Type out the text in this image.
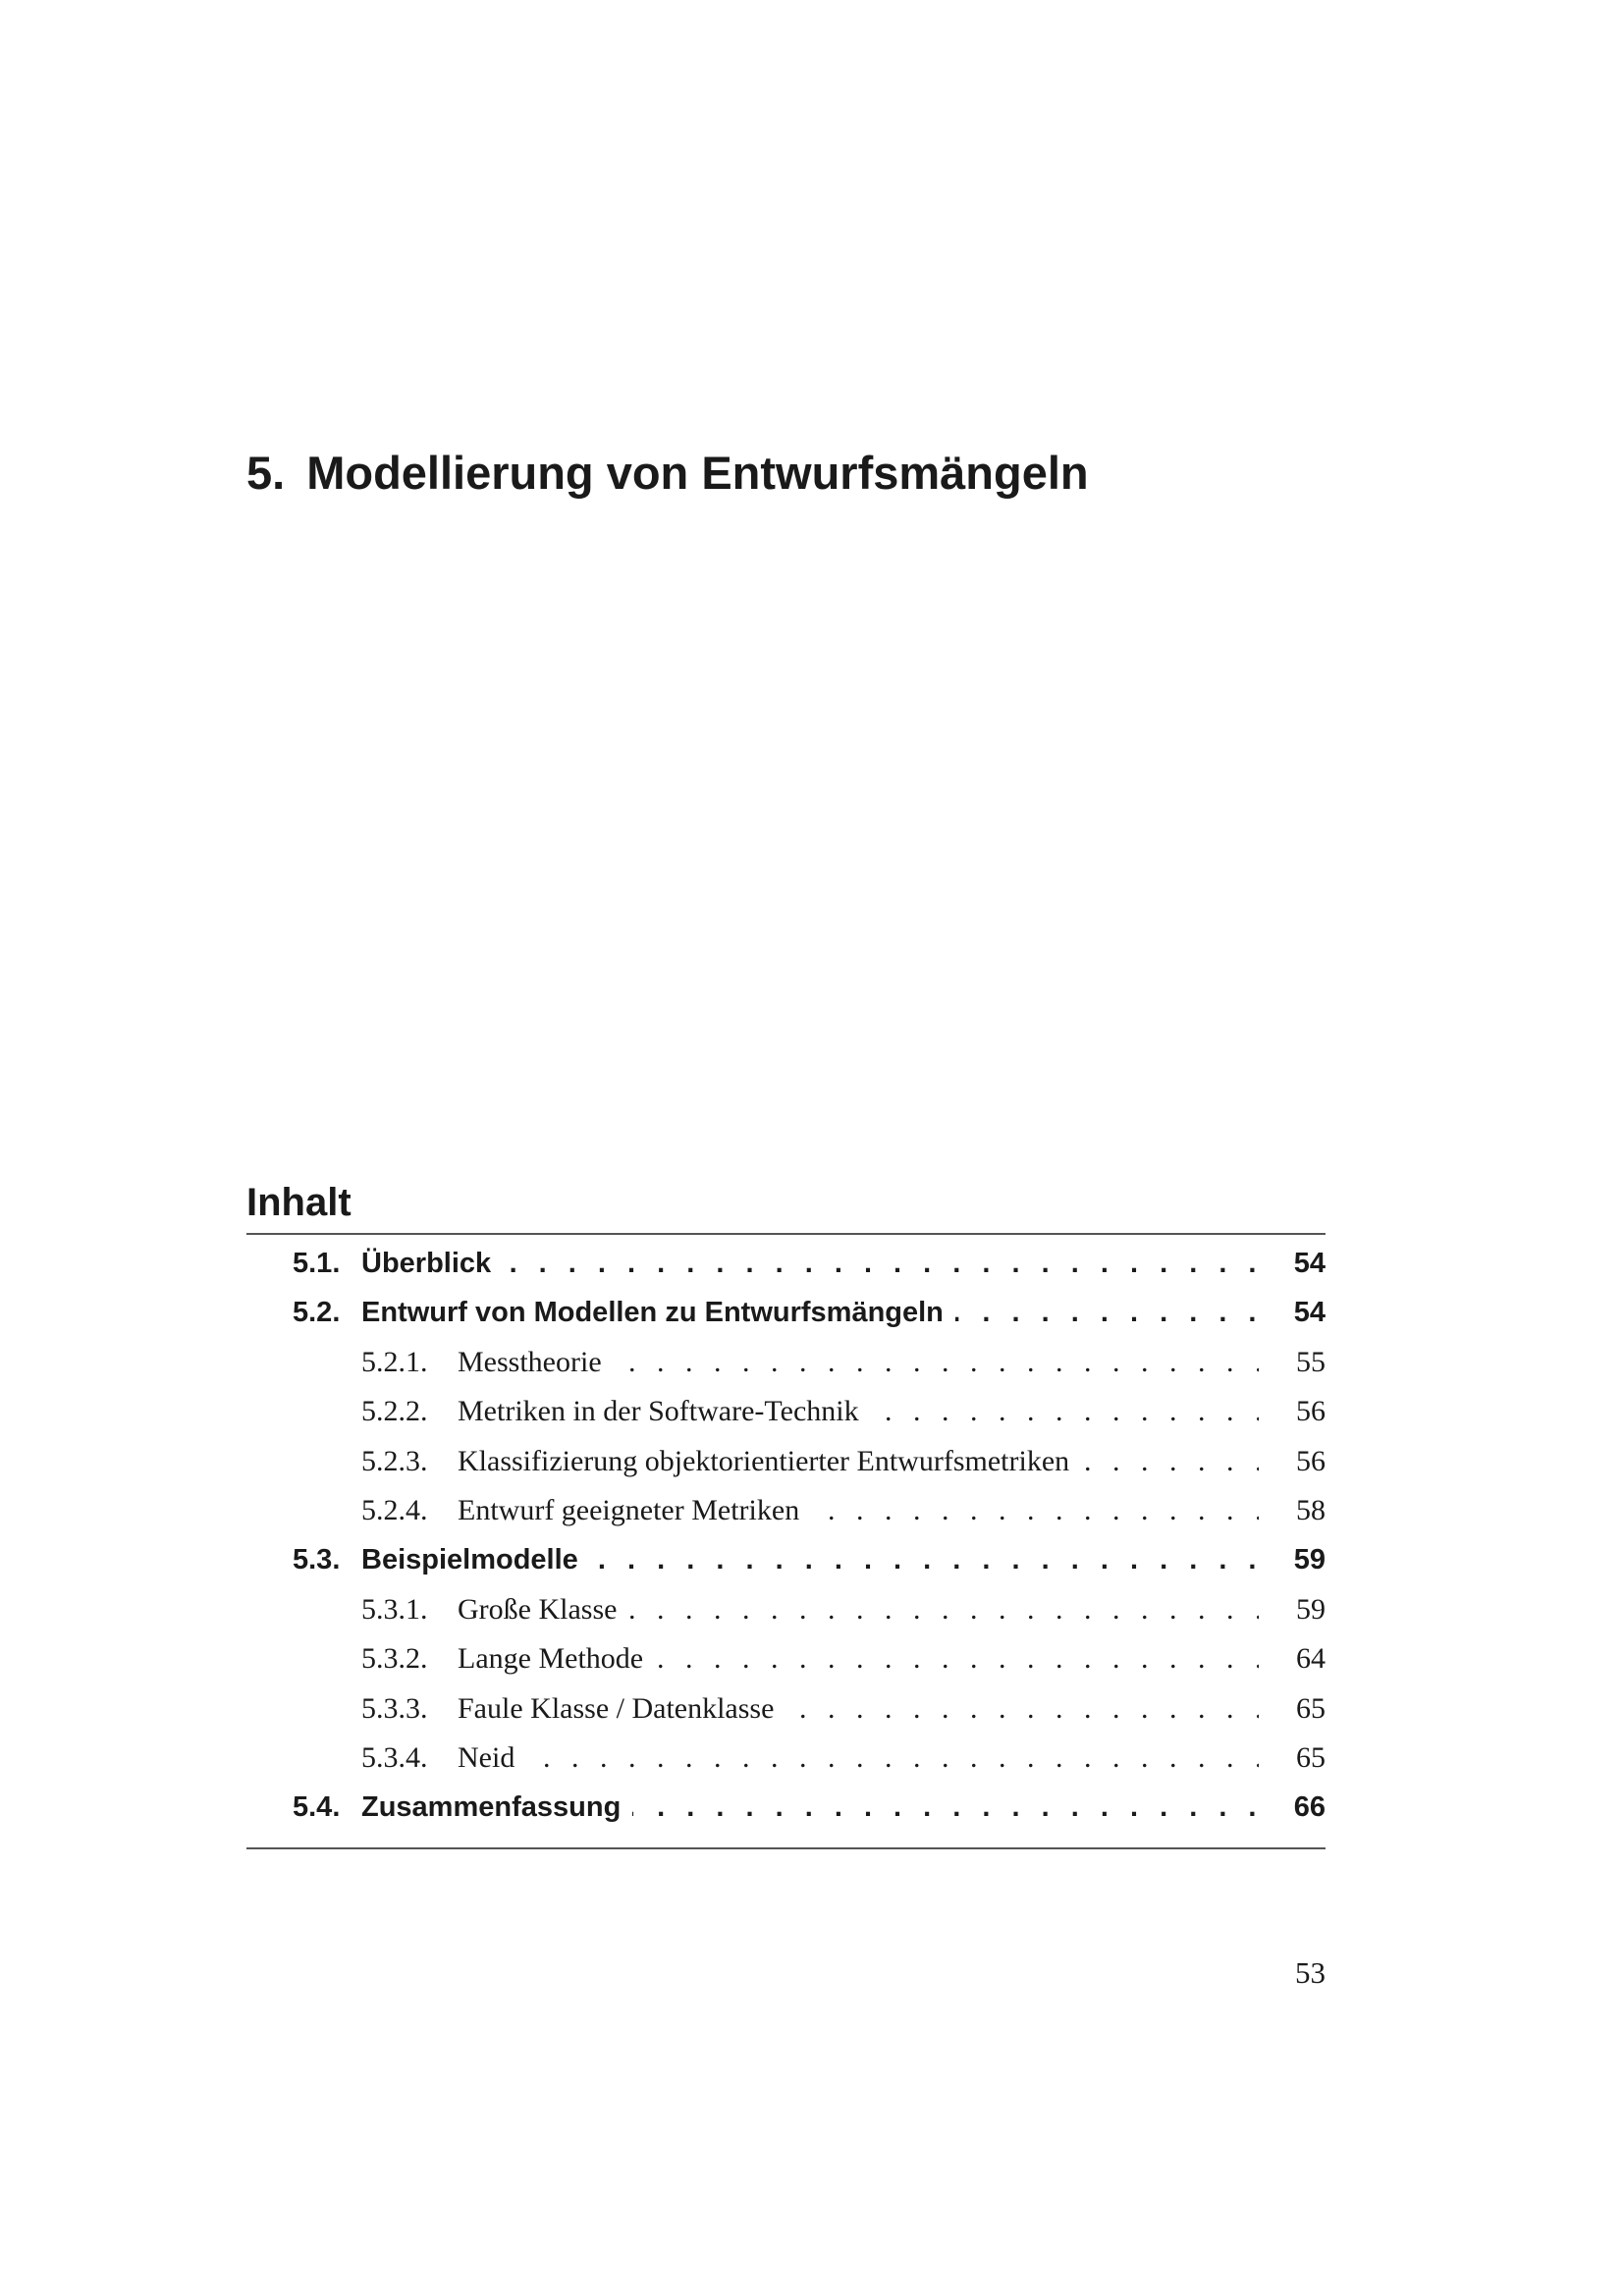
5. Modellierung von Entwurfsmängeln
Inhalt
5.1. . . . Überblick	54
5.2. . . . Entwurf von Modellen zu Entwurfsmängeln	54
5.2.1. . . . Messtheorie	55
5.2.2. . . . Metriken in der Software-Technik	56
5.2.3. . . . Klassifizierung objektorientierter Entwurfsmetriken	56
5.2.4. . . . Entwurf geeigneter Metriken	58
5.3. . . . Beispielmodelle	59
5.3.1. . . . Große Klasse	59
5.3.2. . . . Lange Methode	64
5.3.3. . . . Faule Klasse / Datenklasse	65
5.3.4. . . . Neid	65
5.4. . . . Zusammenfassung	66
53
